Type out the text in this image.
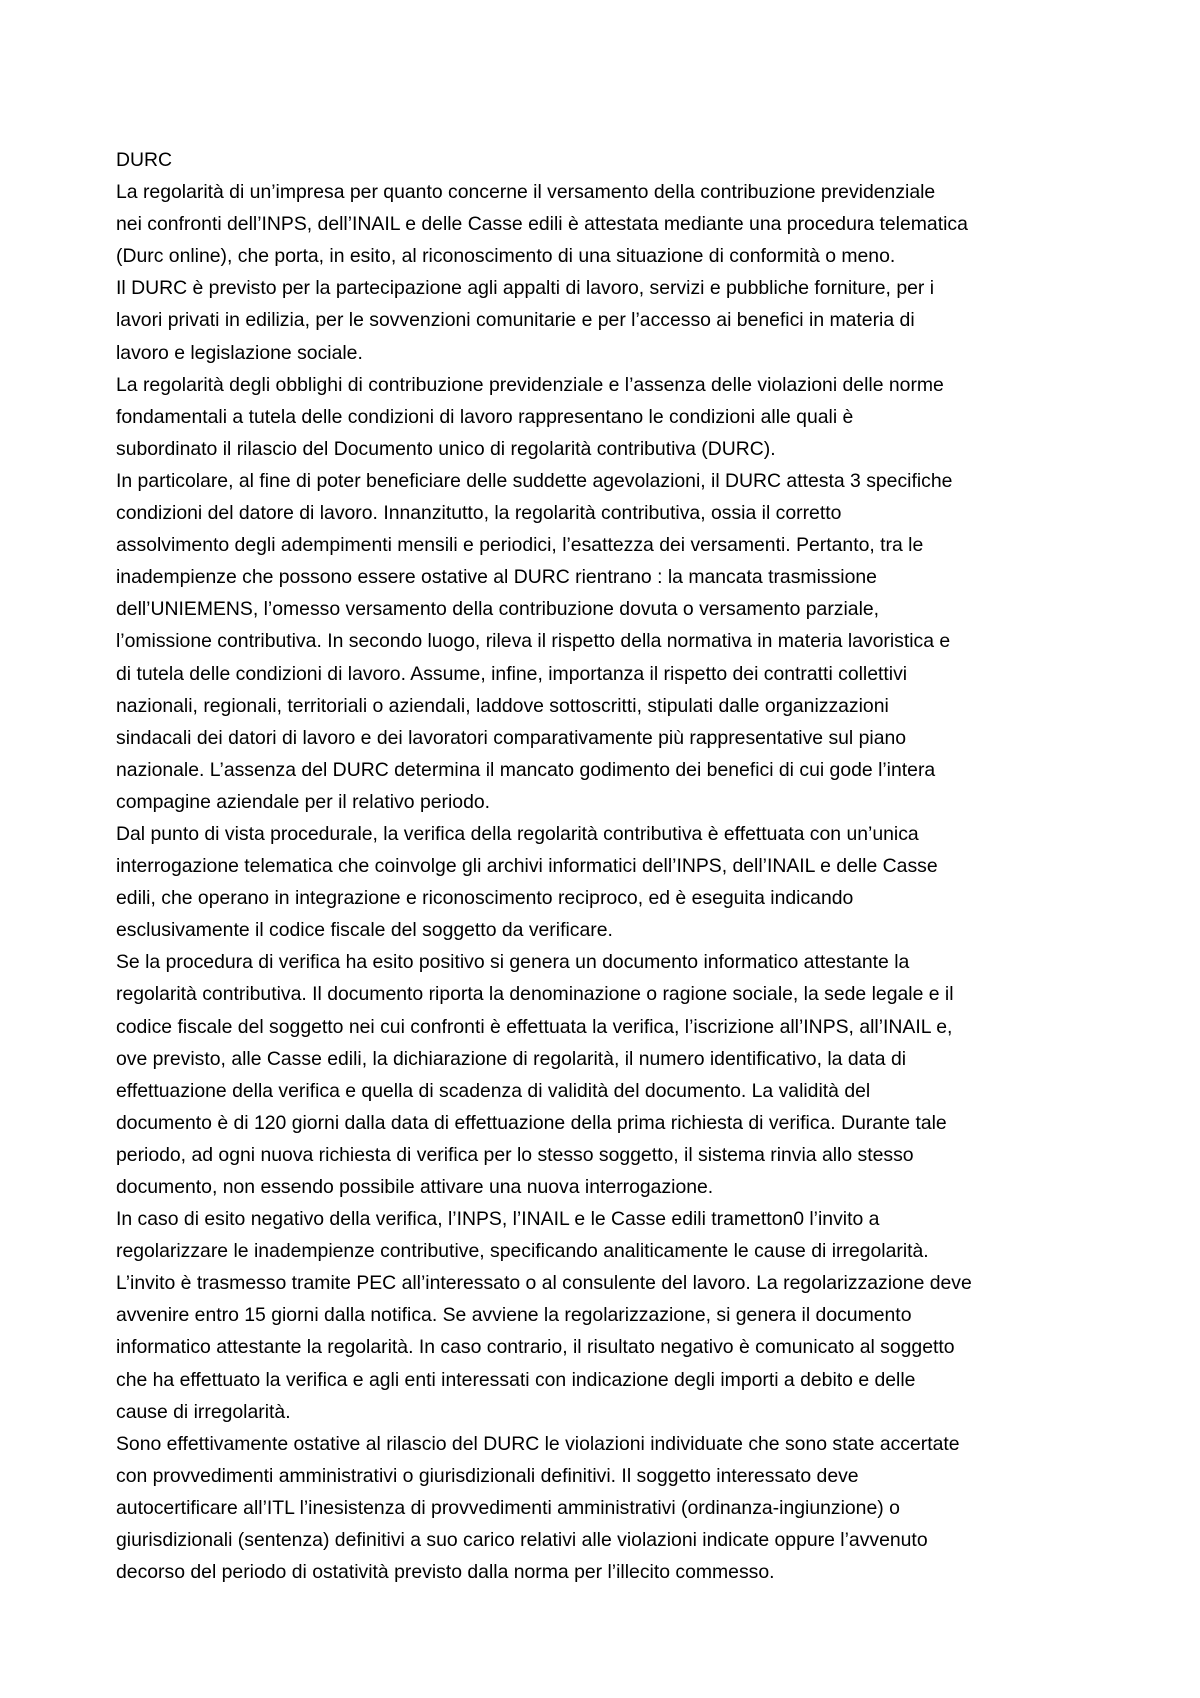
DURC

La regolarità di un’impresa per quanto concerne il versamento della contribuzione previdenziale

nei confronti dell’INPS, dell’INAIL e delle Casse edili è attestata mediante una procedura telematica

(Durc online), che porta, in esito, al riconoscimento di una situazione di conformità o meno.

Il DURC è previsto per la partecipazione agli appalti di lavoro, servizi e pubbliche forniture, per i

lavori privati in edilizia, per le sovvenzioni comunitarie e per l’accesso ai benefici in materia di

lavoro e legislazione sociale.

La regolarità degli obblighi di contribuzione previdenziale e l’assenza delle violazioni delle norme

fondamentali a tutela delle condizioni di lavoro rappresentano le condizioni alle quali è

subordinato il rilascio del Documento unico di regolarità contributiva (DURC).

In particolare, al fine di poter beneficiare delle suddette agevolazioni, il DURC attesta 3 specifiche

condizioni del datore di lavoro. Innanzitutto, la regolarità contributiva, ossia il corretto

assolvimento degli adempimenti mensili e periodici, l’esattezza dei versamenti. Pertanto, tra le

inadempienze che possono essere ostative al DURC rientrano : la mancata trasmissione

dell’UNIEMENS, l’omesso versamento della contribuzione dovuta o versamento parziale,

l’omissione contributiva. In secondo luogo, rileva il rispetto della normativa in materia lavoristica e

di tutela delle condizioni di lavoro. Assume, infine, importanza il rispetto dei contratti collettivi

nazionali, regionali, territoriali o aziendali, laddove sottoscritti, stipulati dalle organizzazioni

sindacali dei datori di lavoro e dei lavoratori comparativamente più rappresentative sul piano

nazionale. L’assenza del DURC determina il mancato godimento dei benefici di cui gode l’intera

compagine aziendale per il relativo periodo.

Dal punto di vista procedurale, la verifica della regolarità contributiva è effettuata con un’unica

interrogazione telematica che coinvolge gli archivi informatici dell’INPS, dell’INAIL e delle Casse

edili, che operano in integrazione e riconoscimento reciproco, ed è eseguita indicando

esclusivamente il codice fiscale del soggetto da verificare.

Se la procedura di verifica ha esito positivo si genera un documento informatico attestante la

regolarità contributiva. Il documento riporta la denominazione o ragione sociale, la sede legale e il

codice fiscale del soggetto nei cui confronti è effettuata la verifica, l’iscrizione all’INPS, all’INAIL e,

ove previsto, alle Casse edili, la dichiarazione di regolarità, il numero identificativo, la data di

effettuazione della verifica e quella di scadenza di validità del documento. La validità del

documento è di 120 giorni dalla data di effettuazione della prima richiesta di verifica. Durante tale

periodo, ad ogni nuova richiesta di verifica per lo stesso soggetto, il sistema rinvia allo stesso

documento, non essendo possibile attivare una nuova interrogazione.

In caso di esito negativo della verifica, l’INPS, l’INAIL e le Casse edili trametton0 l’invito a

regolarizzare le inadempienze contributive, specificando analiticamente le cause di irregolarità.

L’invito è trasmesso tramite PEC all’interessato o al consulente del lavoro. La regolarizzazione deve

avvenire entro 15 giorni dalla notifica. Se avviene la regolarizzazione, si genera il documento

informatico attestante la regolarità. In caso contrario, il risultato negativo è comunicato al soggetto

che ha effettuato la verifica e agli enti interessati con indicazione degli importi a debito e delle

cause di irregolarità.

Sono effettivamente ostative al rilascio del DURC le violazioni individuate che sono state accertate

con provvedimenti amministrativi o giurisdizionali definitivi. Il soggetto interessato deve

autocertificare all’ITL l’inesistenza di provvedimenti amministrativi (ordinanza-ingiunzione) o

giurisdizionali (sentenza) definitivi a suo carico relativi alle violazioni indicate oppure l’avvenuto

decorso del periodo di ostatività previsto dalla norma per l’illecito commesso.
